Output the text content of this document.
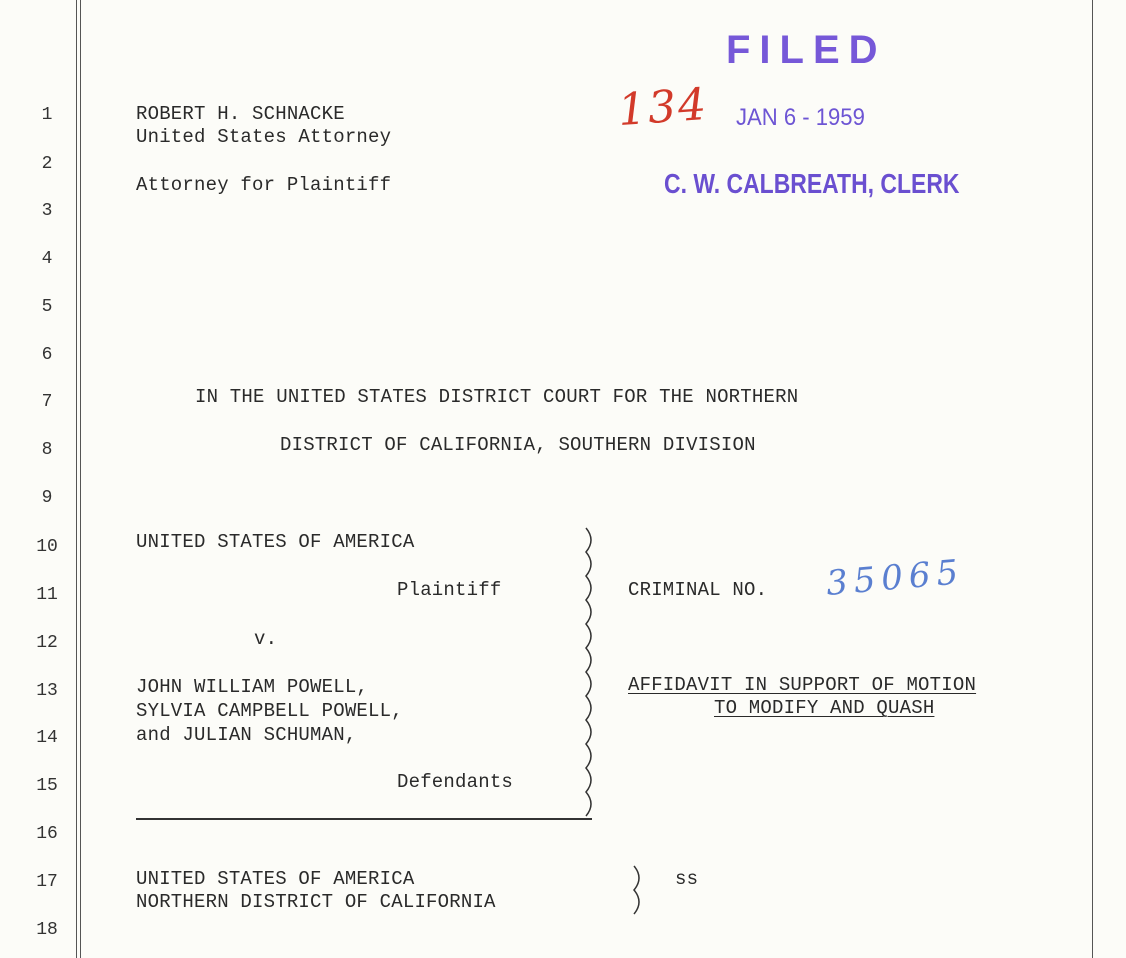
1
2
3
4
5
6
7
8
9
10
11
12
13
14
15
16
17
18
ROBERT H. SCHNACKE
United States Attorney
Attorney for Plaintiff
FILED
134 JAN 6 - 1959
C. W. CALBREATH, CLERK
IN THE UNITED STATES DISTRICT COURT FOR THE NORTHERN
DISTRICT OF CALIFORNIA, SOUTHERN DIVISION
UNITED STATES OF AMERICA
Plaintiff
v.
JOHN WILLIAM POWELL,
SYLVIA CAMPBELL POWELL,
and JULIAN SCHUMAN,
Defendants
CRIMINAL NO. 35065
AFFIDAVIT IN SUPPORT OF MOTION
TO MODIFY AND QUASH
UNITED STATES OF AMERICA
NORTHERN DISTRICT OF CALIFORNIA
ss
